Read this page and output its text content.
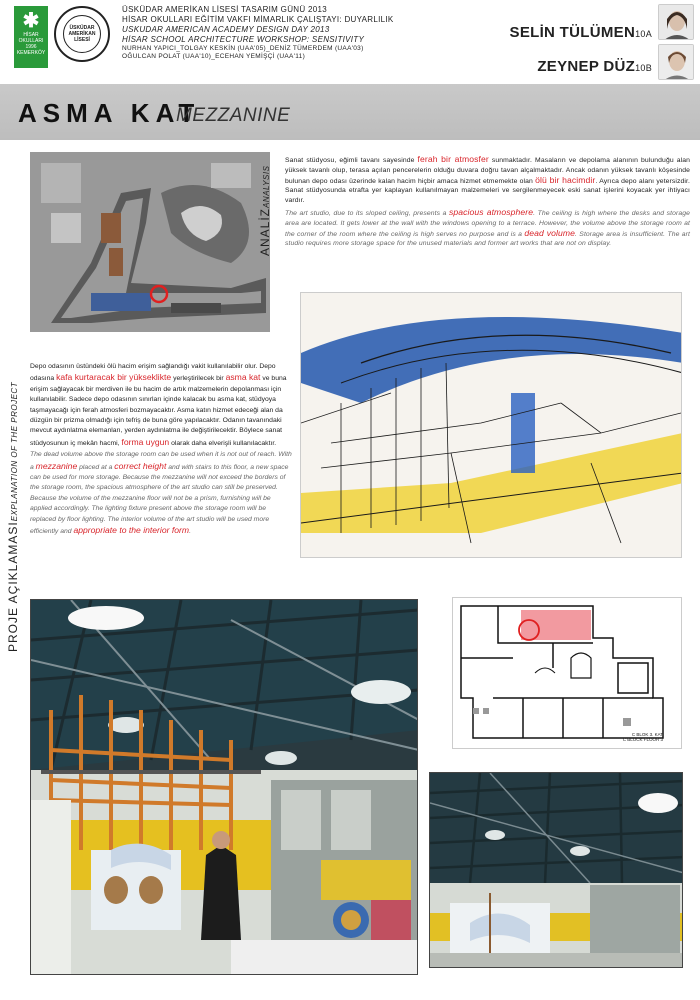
✱
HİSAR
OKULLARI
1996
KEMERKÖY
ÜSKÜDAR AMERİKAN LİSESİ
ÜSKÜDAR AMERİKAN LİSESİ TASARIM GÜNÜ 2013
HİSAR OKULLARI EĞİTİM VAKFI MİMARLIK ÇALIŞTAYI: DUYARLILIK
USKUDAR AMERICAN ACADEMY DESIGN DAY 2013
HİSAR SCHOOL ARCHITECTURE WORKSHOP: SENSITIVITY
NURHAN YAPICI_TOLGAY KESKİN (UAA'05)_DENİZ TÜMERDEM (UAA'03)
OĞULCAN POLAT (UAA'10)_ECEHAN YEMİŞÇİ (UAA'11)
SELİN TÜLÜMEN10A
ZEYNEP DÜZ10B
ASMA KAT
MEZZANINE
ANALİZANALYSIS

Sanat stüdyosu, eğimli tavanı sayesinde ferah bir atmosfer sunmaktadır. Masaların ve depolama alanının bulunduğu alan yüksek tavanlı olup, terasa açılan pencerelerin olduğu duvara doğru tavan alçalmaktadır. Ancak odanın yüksek tavanlı köşesinde bulunan depo odası üzerinde kalan hacim hiçbir amaca hizmet etmemekte olan ölü bir hacimdir. Ayrıca depo alanı yetersizdir. Sanat stüdyosunda etrafta yer kaplayan kullanılmayan malzemeleri ve sergilenmeyecek eski sanat işlerini koyacak yer ihtiyacı vardır.

The art studio, due to its sloped ceiling, presents a spacious atmosphere. The ceiling is high where the desks and storage area are located. It gets lower at the wall with the windows opening to a terrace. However, the volume above the storage room at the corner of the room where the ceiling is high serves no purpose and is a dead volume. Storage area is insufficient. The art studio requires more storage space for the unused materials and former art works that are not on display.

PROJE AÇIKLAMASIEXPLANATION OF THE PROJECT

Depo odasının üstündeki ölü hacim erişim sağlandığı vakit kullanılabilir olur. Depo odasına kafa kurtaracak bir yükseklikte yerleştirilecek bir asma kat ve buna erişim sağlayacak bir merdiven ile bu hacim de artık malzemelerin depolanması için kullanılabilir. Sadece depo odasının sınırları içinde kalacak bu asma kat, stüdyoya taşmayacağı için ferah atmosferi bozmayacaktır. Asma katın hizmet edeceği alan da düzgün bir prizma olmadığı için tefriş de buna göre yapılacaktır. Odanın tavanındaki mevcut aydınlatma elemanları, yerden aydınlatma ile değiştirilecektir. Böylece sanat stüdyosunun iç mekân hacmi, forma uygun olarak daha elverişli kullanılacaktır.

The dead volume above the storage room can be used when it is not out of reach. With a mezzanine placed at a correct height and with stairs to this floor, a new space can be used for more storage. Because the mezzanine will not exceed the borders of the storage room, the spacious atmosphere of the art studio can still be preserved. Because the volume of the mezzanine floor will not be a prism, furnishing will be applied accordingly. The lighting fixture present above the storage room will be replaced by floor lighting. The interior volume of the art studio will be used more efficiently and appropriate to the interior form.

C BLOK 3. KAT
C BLOCK FLOOR 3
